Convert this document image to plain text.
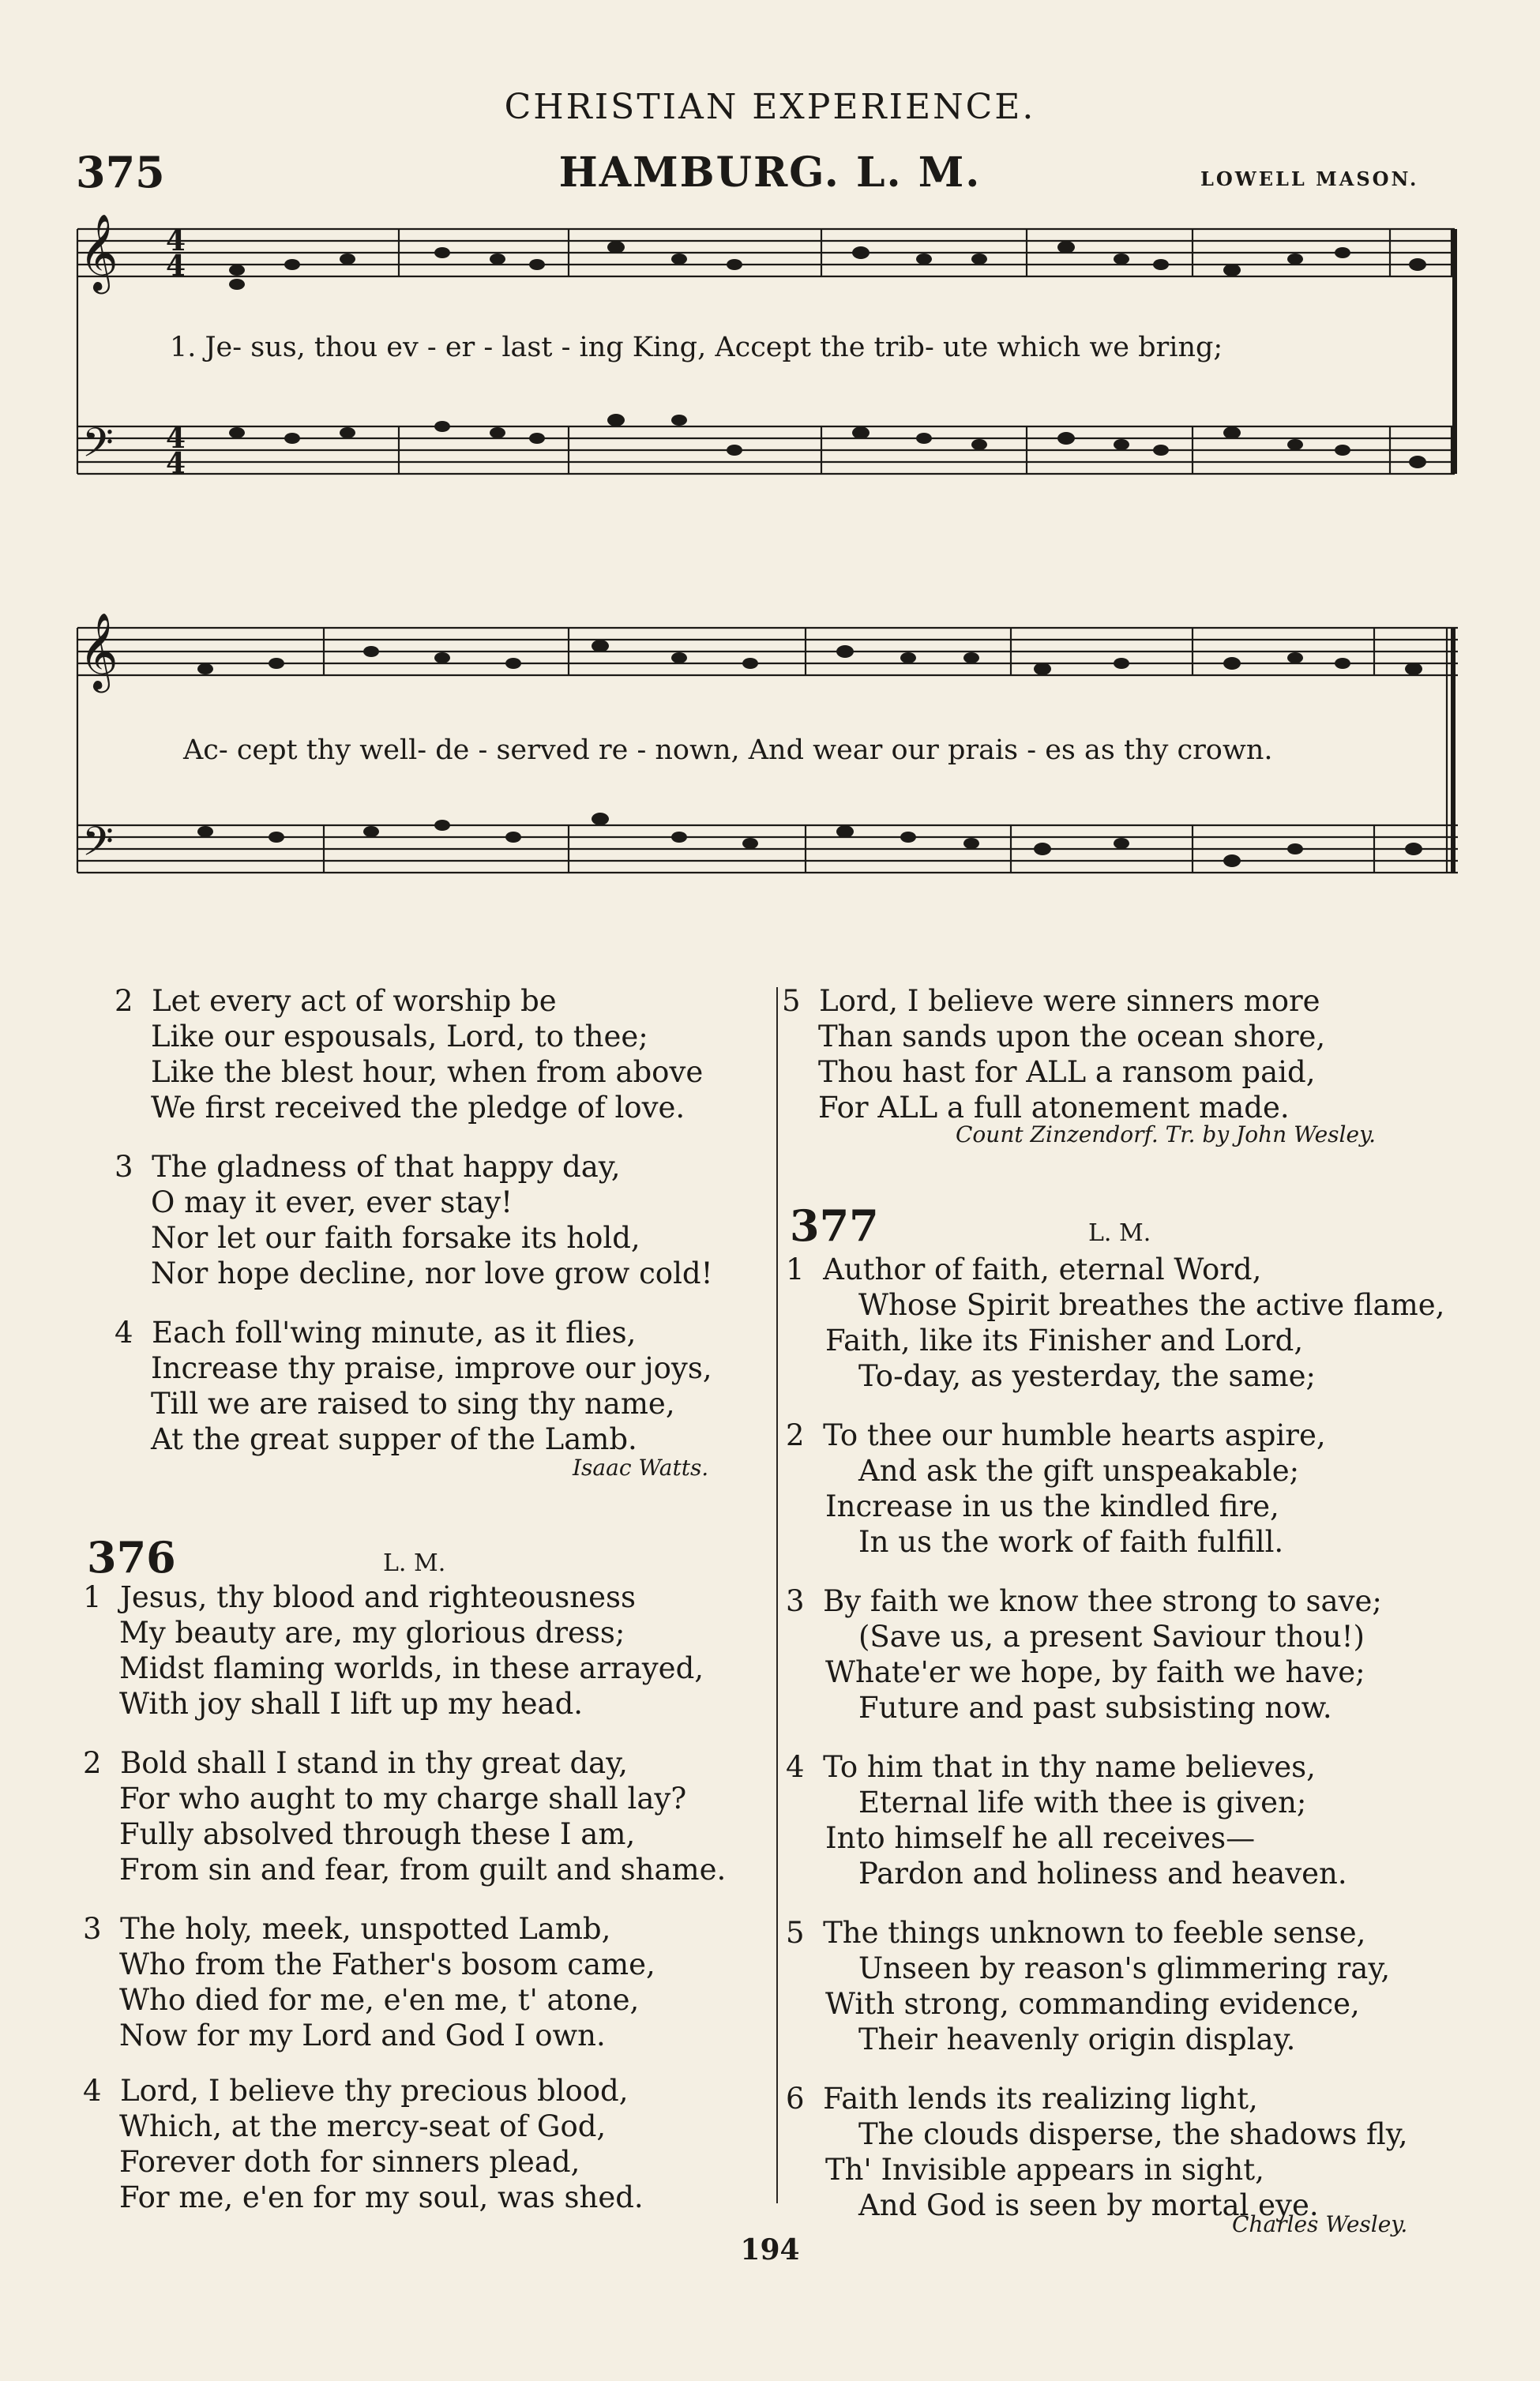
CHRISTIAN EXPERIENCE.
375	HAMBURG. L. M.	LOWELL MASON.
𝄞
𝄢
4
4
4
4
1. Je- sus, thou ev - er - last - ing King, Accept the trib- ute which we bring;
𝄞
𝄢
Ac- cept thy well- de - served re - nown, And wear our prais - es as thy crown.
2 Let every act of worship be
Like our espousals, Lord, to thee;
Like the blest hour, when from above
We first received the pledge of love.
3 The gladness of that happy day,
O may it ever, ever stay!
Nor let our faith forsake its hold,
Nor hope decline, nor love grow cold!
4 Each foll'wing minute, as it flies,
Increase thy praise, improve our joys,
Till we are raised to sing thy name,
At the great supper of the Lamb.
Isaac Watts.
376	L. M.
1 Jesus, thy blood and righteousness
My beauty are, my glorious dress;
Midst flaming worlds, in these arrayed,
With joy shall I lift up my head.
2 Bold shall I stand in thy great day,
For who aught to my charge shall lay?
Fully absolved through these I am,
From sin and fear, from guilt and shame.
3 The holy, meek, unspotted Lamb,
Who from the Father's bosom came,
Who died for me, e'en me, t' atone,
Now for my Lord and God I own.
4 Lord, I believe thy precious blood,
Which, at the mercy-seat of God,
Forever doth for sinners plead,
For me, e'en for my soul, was shed.
5 Lord, I believe were sinners more
Than sands upon the ocean shore,
Thou hast for ALL a ransom paid,
For ALL a full atonement made.
Count Zinzendorf. Tr. by John Wesley.
377	L. M.
1 Author of faith, eternal Word,
Whose Spirit breathes the active flame,
Faith, like its Finisher and Lord,
To-day, as yesterday, the same;
2 To thee our humble hearts aspire,
And ask the gift unspeakable;
Increase in us the kindled fire,
In us the work of faith fulfill.
3 By faith we know thee strong to save;
(Save us, a present Saviour thou!)
Whate'er we hope, by faith we have;
Future and past subsisting now.
4 To him that in thy name believes,
Eternal life with thee is given;
Into himself he all receives—
Pardon and holiness and heaven.
5 The things unknown to feeble sense,
Unseen by reason's glimmering ray,
With strong, commanding evidence,
Their heavenly origin display.
6 Faith lends its realizing light,
The clouds disperse, the shadows fly,
Th' Invisible appears in sight,
And God is seen by mortal eye.
Charles Wesley.
194
